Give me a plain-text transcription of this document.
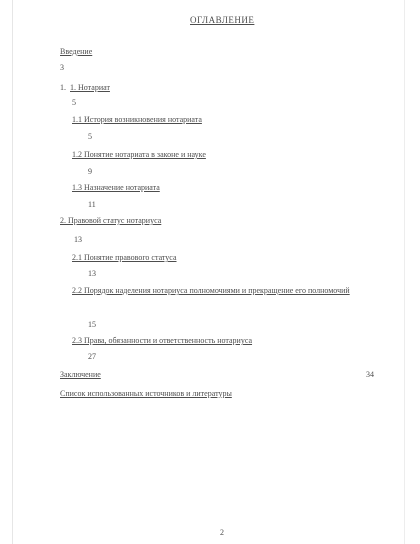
ОГЛАВЛЕНИЕ
Введение
3
1.  1. Нотариат
5
1.1 История возникновения нотариата
5
1.2 Понятие нотариата в законе и науке
9
1.3 Назначение нотариата
11
2. Правовой статус нотариуса
13
2.1 Понятие правового статуса
13
2.2 Порядок наделения нотариуса полномочиями и прекращение его полномочий
15
2.3 Права, обязанности и ответственность нотариуса
27
Заключение	34
Список использованных источников и литературы
2
